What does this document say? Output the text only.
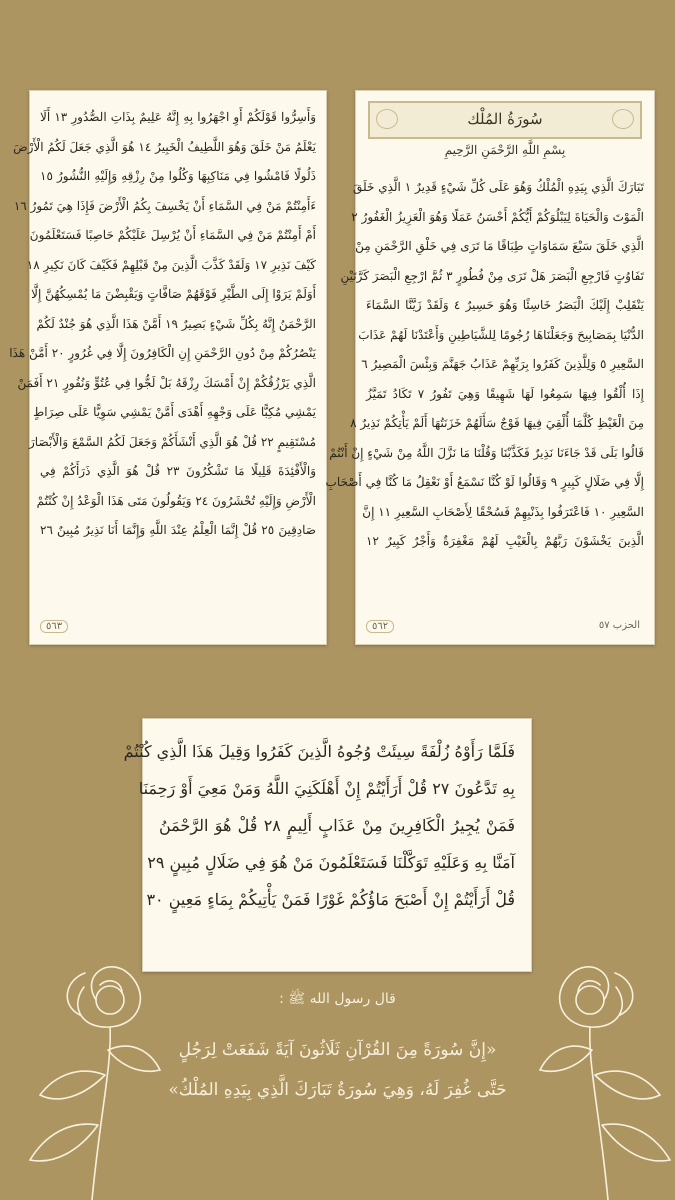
وَأَسِرُّوا قَوْلَكُمْ أَوِ اجْهَرُوا بِهِ إِنَّهُ عَلِيمٌ بِذَاتِ الصُّدُورِ ١٣ أَلَا
يَعْلَمُ مَنْ خَلَقَ وَهُوَ اللَّطِيفُ الْخَبِيرُ ١٤ هُوَ الَّذِي جَعَلَ لَكُمُ الْأَرْضَ
ذَلُولًا فَامْشُوا فِي مَنَاكِبِهَا وَكُلُوا مِنْ رِزْقِهِ وَإِلَيْهِ النُّشُورُ ١٥
ءَأَمِنْتُمْ مَنْ فِي السَّمَاءِ أَنْ يَخْسِفَ بِكُمُ الْأَرْضَ فَإِذَا هِيَ تَمُورُ ١٦
أَمْ أَمِنْتُمْ مَنْ فِي السَّمَاءِ أَنْ يُرْسِلَ عَلَيْكُمْ حَاصِبًا فَسَتَعْلَمُونَ
كَيْفَ نَذِيرِ ١٧ وَلَقَدْ كَذَّبَ الَّذِينَ مِنْ قَبْلِهِمْ فَكَيْفَ كَانَ نَكِيرِ ١٨
أَوَلَمْ يَرَوْا إِلَى الطَّيْرِ فَوْقَهُمْ صَافَّاتٍ وَيَقْبِضْنَ مَا يُمْسِكُهُنَّ إِلَّا
الرَّحْمَنُ إِنَّهُ بِكُلِّ شَيْءٍ بَصِيرٌ ١٩ أَمَّنْ هَذَا الَّذِي هُوَ جُنْدٌ لَكُمْ
يَنْصُرُكُمْ مِنْ دُونِ الرَّحْمَنِ إِنِ الْكَافِرُونَ إِلَّا فِي غُرُورٍ ٢٠ أَمَّنْ هَذَا
الَّذِي يَرْزُقُكُمْ إِنْ أَمْسَكَ رِزْقَهُ بَلْ لَجُّوا فِي عُتُوٍّ وَنُفُورٍ ٢١ أَفَمَنْ
يَمْشِي مُكِبًّا عَلَى وَجْهِهِ أَهْدَى أَمَّنْ يَمْشِي سَوِيًّا عَلَى صِرَاطٍ
مُسْتَقِيمٍ ٢٢ قُلْ هُوَ الَّذِي أَنْشَأَكُمْ وَجَعَلَ لَكُمُ السَّمْعَ وَالْأَبْصَارَ
وَالْأَفْئِدَةَ قَلِيلًا مَا تَشْكُرُونَ ٢٣ قُلْ هُوَ الَّذِي ذَرَأَكُمْ فِي
الْأَرْضِ وَإِلَيْهِ تُحْشَرُونَ ٢٤ وَيَقُولُونَ مَتَى هَذَا الْوَعْدُ إِنْ كُنْتُمْ
صَادِقِينَ ٢٥ قُلْ إِنَّمَا الْعِلْمُ عِنْدَ اللَّهِ وَإِنَّمَا أَنَا نَذِيرٌ مُبِينٌ ٢٦
٥٦٣
سُورَةُ المُلْك
بِسْمِ اللَّهِ الرَّحْمَنِ الرَّحِيمِ
تَبَارَكَ الَّذِي بِيَدِهِ الْمُلْكُ وَهُوَ عَلَى كُلِّ شَيْءٍ قَدِيرٌ ١ الَّذِي خَلَقَ
الْمَوْتَ وَالْحَيَاةَ لِيَبْلُوَكُمْ أَيُّكُمْ أَحْسَنُ عَمَلًا وَهُوَ الْعَزِيزُ الْغَفُورُ ٢
الَّذِي خَلَقَ سَبْعَ سَمَاوَاتٍ طِبَاقًا مَا تَرَى فِي خَلْقِ الرَّحْمَنِ مِنْ
تَفَاوُتٍ فَارْجِعِ الْبَصَرَ هَلْ تَرَى مِنْ فُطُورٍ ٣ ثُمَّ ارْجِعِ الْبَصَرَ كَرَّتَيْنِ
يَنْقَلِبْ إِلَيْكَ الْبَصَرُ خَاسِئًا وَهُوَ حَسِيرٌ ٤ وَلَقَدْ زَيَّنَّا السَّمَاءَ
الدُّنْيَا بِمَصَابِيحَ وَجَعَلْنَاهَا رُجُومًا لِلشَّيَاطِينِ وَأَعْتَدْنَا لَهُمْ عَذَابَ
السَّعِيرِ ٥ وَلِلَّذِينَ كَفَرُوا بِرَبِّهِمْ عَذَابُ جَهَنَّمَ وَبِئْسَ الْمَصِيرُ ٦
إِذَا أُلْقُوا فِيهَا سَمِعُوا لَهَا شَهِيقًا وَهِيَ تَفُورُ ٧ تَكَادُ تَمَيَّزُ
مِنَ الْغَيْظِ كُلَّمَا أُلْقِيَ فِيهَا فَوْجٌ سَأَلَهُمْ خَزَنَتُهَا أَلَمْ يَأْتِكُمْ نَذِيرٌ ٨
قَالُوا بَلَى قَدْ جَاءَنَا نَذِيرٌ فَكَذَّبْنَا وَقُلْنَا مَا نَزَّلَ اللَّهُ مِنْ شَيْءٍ إِنْ أَنْتُمْ
إِلَّا فِي ضَلَالٍ كَبِيرٍ ٩ وَقَالُوا لَوْ كُنَّا نَسْمَعُ أَوْ نَعْقِلُ مَا كُنَّا فِي أَصْحَابِ
السَّعِيرِ ١٠ فَاعْتَرَفُوا بِذَنْبِهِمْ فَسُحْقًا لِأَصْحَابِ السَّعِيرِ ١١ إِنَّ
الَّذِينَ يَخْشَوْنَ رَبَّهُمْ بِالْغَيْبِ لَهُمْ مَغْفِرَةٌ وَأَجْرٌ كَبِيرٌ ١٢
٥٦٢	الحزب ٥٧
فَلَمَّا رَأَوْهُ زُلْفَةً سِيئَتْ وُجُوهُ الَّذِينَ كَفَرُوا وَقِيلَ هَذَا الَّذِي كُنْتُمْ
بِهِ تَدَّعُونَ ٢٧ قُلْ أَرَأَيْتُمْ إِنْ أَهْلَكَنِيَ اللَّهُ وَمَنْ مَعِيَ أَوْ رَحِمَنَا
فَمَنْ يُجِيرُ الْكَافِرِينَ مِنْ عَذَابٍ أَلِيمٍ ٢٨ قُلْ هُوَ الرَّحْمَنُ
آمَنَّا بِهِ وَعَلَيْهِ تَوَكَّلْنَا فَسَتَعْلَمُونَ مَنْ هُوَ فِي ضَلَالٍ مُبِينٍ ٢٩
قُلْ أَرَأَيْتُمْ إِنْ أَصْبَحَ مَاؤُكُمْ غَوْرًا فَمَنْ يَأْتِيكُمْ بِمَاءٍ مَعِينٍ ٣٠
قال رسول الله ﷺ :
«إِنَّ سُورَةً مِنَ القُرْآنِ ثَلَاثُونَ آيَةً شَفَعَتْ لِرَجُلٍ
حَتَّى غُفِرَ لَهُ، وَهِيَ سُورَةُ تَبَارَكَ الَّذِي بِيَدِهِ المُلْكُ»
